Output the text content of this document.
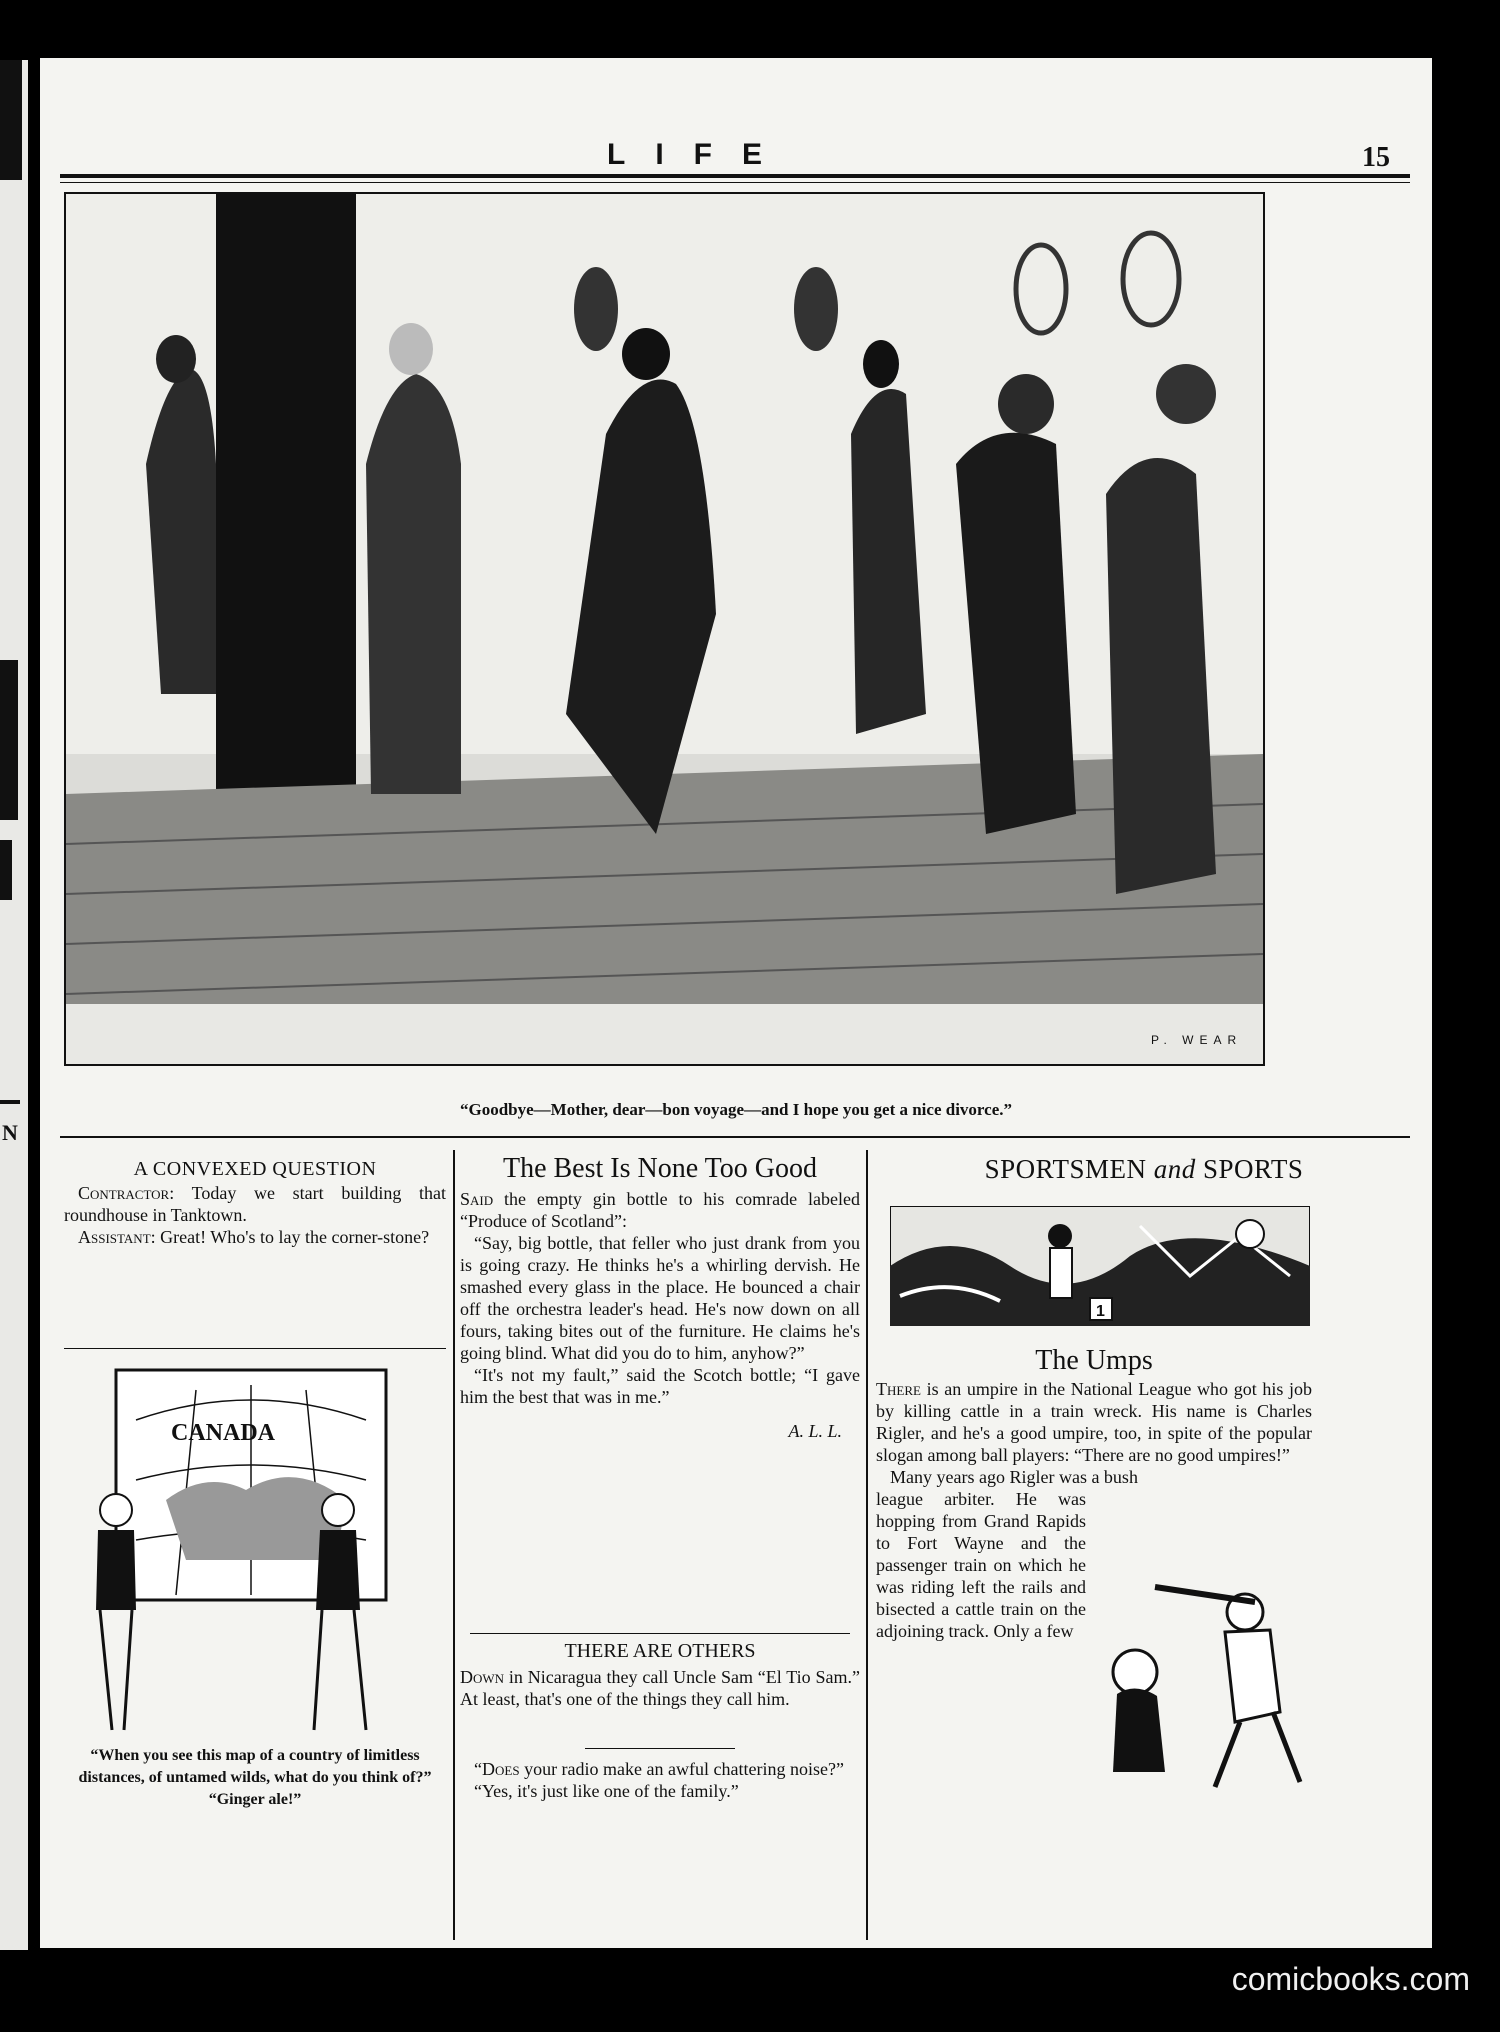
N
LIFE	15
P. WEAR
“Goodbye—Mother, dear—bon voyage—and I hope you get a nice divorce.”
A CONVEXED QUESTION

Contractor: Today we start building that roundhouse in Tanktown.

Assistant: Great! Who's to lay the corner-stone?

CANADA
“When you see this map of a country of limitless distances, of untamed wilds, what do you think of?”
“Ginger ale!”
The Best Is None Too Good

Said the empty gin bottle to his comrade labeled “Produce of Scotland”:

“Say, big bottle, that feller who just drank from you is going crazy. He thinks he's a whirling dervish. He smashed every glass in the place. He bounced a chair off the orchestra leader's head. He's now down on all fours, taking bites out of the furniture. He claims he's going blind. What did you do to him, anyhow?”

“It's not my fault,” said the Scotch bottle; “I gave him the best that was in me.”

A. L. L.

THERE ARE OTHERS

Down in Nicaragua they call Uncle Sam “El Tio Sam.” At least, that's one of the things they call him.

“Does your radio make an awful chattering noise?”

“Yes, it's just like one of the family.”

SPORTSMEN and SPORTS
1
The Umps

There is an umpire in the National League who got his job by killing cattle in a train wreck. His name is Charles Rigler, and he's a good umpire, too, in spite of the popular slogan among ball players: “There are no good umpires!”

Many years ago Rigler was a bush

league arbiter. He was hopping from Grand Rapids to Fort Wayne and the passenger train on which he was riding left the rails and bisected a cattle train on the adjoining track. Only a few

comicbooks.com
